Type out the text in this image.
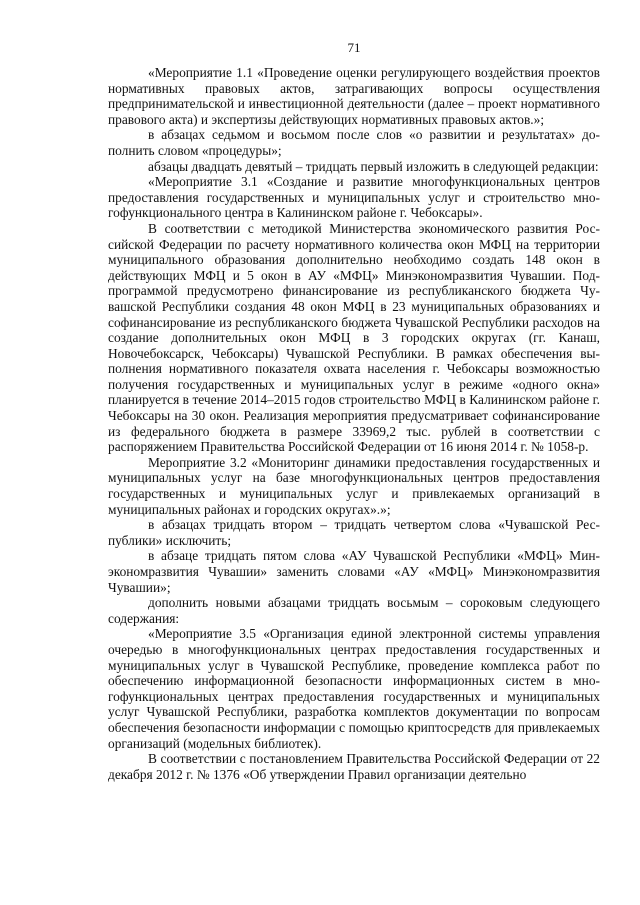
71

«Мероприятие 1.1 «Проведение оценки регулирующего воздействия проектов нормативных правовых актов, затрагивающих вопросы осуществления предпринимательской и инвестиционной деятельности (далее – проект нормативного правового акта) и экспертизы действующих нормативных правовых актов.»;

в абзацах седьмом и восьмом после слов «о развитии и результатах» дополнить словом «процедуры»;

абзацы двадцать девятый – тридцать первый изложить в следующей редакции:

«Мероприятие 3.1 «Создание и развитие многофункциональных центров предоставления государственных и муниципальных услуг и строительство многофункционального центра в Калининском районе г. Чебоксары».

В соответствии с методикой Министерства экономического развития Российской Федерации по расчету нормативного количества окон МФЦ на территории муниципального образования дополнительно необходимо создать 148 окон в действующих МФЦ и 5 окон в АУ «МФЦ» Минэкономразвития Чувашии. Подпрограммой предусмотрено финансирование из республиканского бюджета Чувашской Республики создания 48 окон МФЦ в 23 муниципальных образованиях и софинансирование из республиканского бюджета Чувашской Республики расходов на создание дополнительных окон МФЦ в 3 городских округах (гг. Канаш, Новочебоксарск, Чебоксары) Чувашской Республики. В рамках обеспечения выполнения нормативного показателя охвата населения г. Чебоксары возможностью получения государственных и муниципальных услуг в режиме «одного окна» планируется в течение 2014–2015 годов строительство МФЦ в Калининском районе г. Чебоксары на 30 окон. Реализация мероприятия предусматривает софинансирование из федерального бюджета в размере 33969,2 тыс. рублей в соответствии с распоряжением Правительства Российской Федерации от 16 июня 2014 г. № 1058-р.

Мероприятие 3.2 «Мониторинг динамики предоставления государственных и муниципальных услуг на базе многофункциональных центров предоставления государственных и муниципальных услуг и привлекаемых организаций в муниципальных районах и городских округах».»;

в абзацах тридцать втором – тридцать четвертом слова «Чувашской Республики» исключить;

в абзаце тридцать пятом слова «АУ Чувашской Республики «МФЦ» Минэкономразвития Чувашии» заменить словами «АУ «МФЦ» Минэкономразвития Чувашии»;

дополнить новыми абзацами тридцать восьмым – сороковым следующего содержания:

«Мероприятие 3.5 «Организация единой электронной системы управления очередью в многофункциональных центрах предоставления государственных и муниципальных услуг в Чувашской Республике, проведение комплекса работ по обеспечению информационной безопасности информационных систем в многофункциональных центрах предоставления государственных и муниципальных услуг Чувашской Республики, разработка комплектов документации по вопросам обеспечения безопасности информации с помощью криптосредств для привлекаемых организаций (модельных библиотек).

В соответствии с постановлением Правительства Российской Федерации от 22 декабря 2012 г. № 1376 «Об утверждении Правил организации деятельно
